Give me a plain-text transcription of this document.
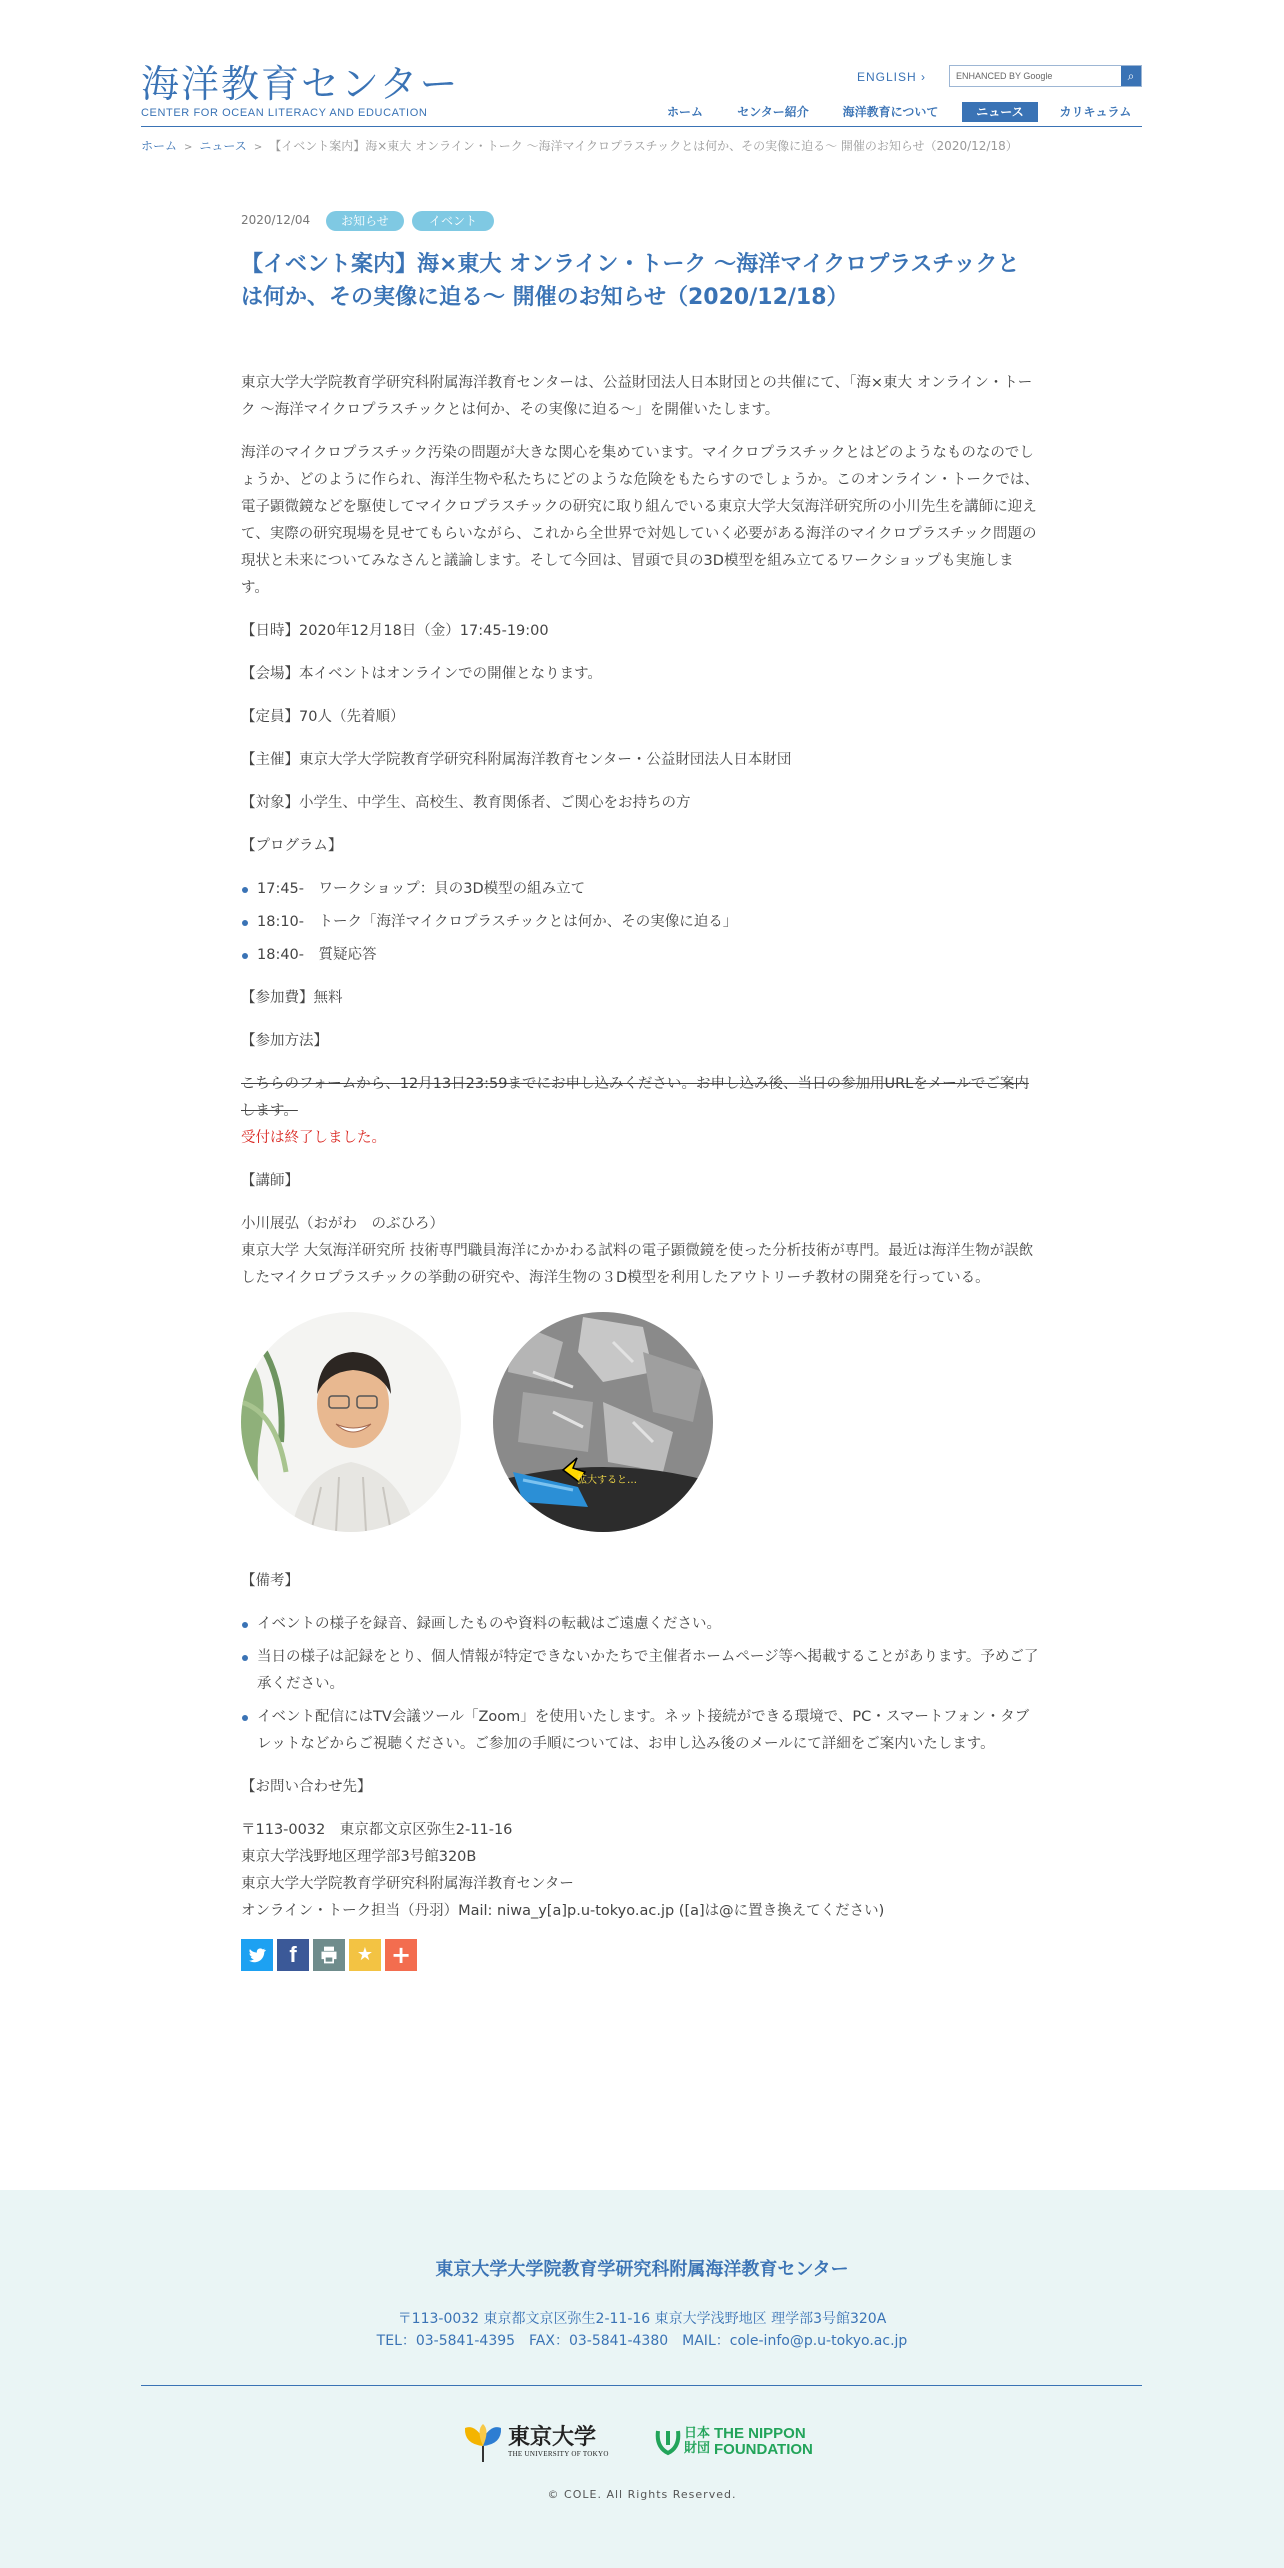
海洋教育センター
CENTER FOR OCEAN LITERACY AND EDUCATION
ENGLISH ›
ENHANCED BY Google	⌕
ホーム	センター紹介	海洋教育について	ニュース	カリキュラム
ホーム > ニュース > 【イベント案内】海×東大 オンライン・トーク ～海洋マイクロプラスチックとは何か、その実像に迫る～ 開催のお知らせ（2020/12/18）
2020/12/04	お知らせ	イベント
【イベント案内】海×東大 オンライン・トーク ～海洋マイクロプラスチックとは何か、その実像に迫る～ 開催のお知らせ（2020/12/18）

東京大学大学院教育学研究科附属海洋教育センターは、公益財団法人日本財団との共催にて、「海×東大 オンライン・トーク ～海洋マイクロプラスチックとは何か、その実像に迫る～」を開催いたします。

海洋のマイクロプラスチック汚染の問題が大きな関心を集めています。マイクロプラスチックとはどのようなものなのでしょうか、どのように作られ、海洋生物や私たちにどのような危険をもたらすのでしょうか。このオンライン・トークでは、電子顕微鏡などを駆使してマイクロプラスチックの研究に取り組んでいる東京大学大気海洋研究所の小川先生を講師に迎えて、実際の研究現場を見せてもらいながら、これから全世界で対処していく必要がある海洋のマイクロプラスチック問題の現状と未来についてみなさんと議論します。そして今回は、冒頭で貝の3D模型を組み立てるワークショップも実施します。

【日時】2020年12月18日（金）17:45-19:00

【会場】本イベントはオンラインでの開催となります。

【定員】70人（先着順）

【主催】東京大学大学院教育学研究科附属海洋教育センター・公益財団法人日本財団

【対象】小学生、中学生、高校生、教育関係者、ご関心をお持ちの方

【プログラム】

17:45-　ワークショップ：貝の3D模型の組み立て
18:10-　トーク「海洋マイクロプラスチックとは何か、その実像に迫る」
18:40-　質疑応答

【参加費】無料

【参加方法】

こちらのフォームから、12月13日23:59までにお申し込みください。お申し込み後、当日の参加用URLをメールでご案内します。

受付は終了しました。

【講師】

小川展弘（おがわ　のぶひろ）

東京大学 大気海洋研究所 技術専門職員海洋にかかわる試料の電子顕微鏡を使った分析技術が専門。最近は海洋生物が誤飲したマイクロプラスチックの挙動の研究や、海洋生物の３D模型を利用したアウトリーチ教材の開発を行っている。

拡大すると…

【備考】

イベントの様子を録音、録画したものや資料の転載はご遠慮ください。
当日の様子は記録をとり、個人情報が特定できないかたちで主催者ホームページ等へ掲載することがあります。予めご了承ください。
イベント配信にはTV会議ツール「Zoom」を使用いたします。ネット接続ができる環境で、PC・スマートフォン・タブレットなどからご視聴ください。ご参加の手順については、お申し込み後のメールにて詳細をご案内いたします。

【お問い合わせ先】

〒113-0032　東京都文京区弥生2-11-16

東京大学浅野地区理学部3号館320B

東京大学大学院教育学研究科附属海洋教育センター

オンライン・トーク担当（丹羽）Mail: niwa_y[a]p.u-tokyo.ac.jp ([a]は@に置き換えてください)

f	★ +
東京大学大学院教育学研究科附属海洋教育センター
〒113-0032 東京都文京区弥生2-11-16 東京大学浅野地区 理学部3号館320A
TEL：03-5841-4395　FAX：03-5841-4380　MAIL：cole-info@p.u-tokyo.ac.jp
東京大学
THE UNIVERSITY OF TOKYO
日本
財団
THE NIPPON
FOUNDATION
© COLE. All Rights Reserved.
